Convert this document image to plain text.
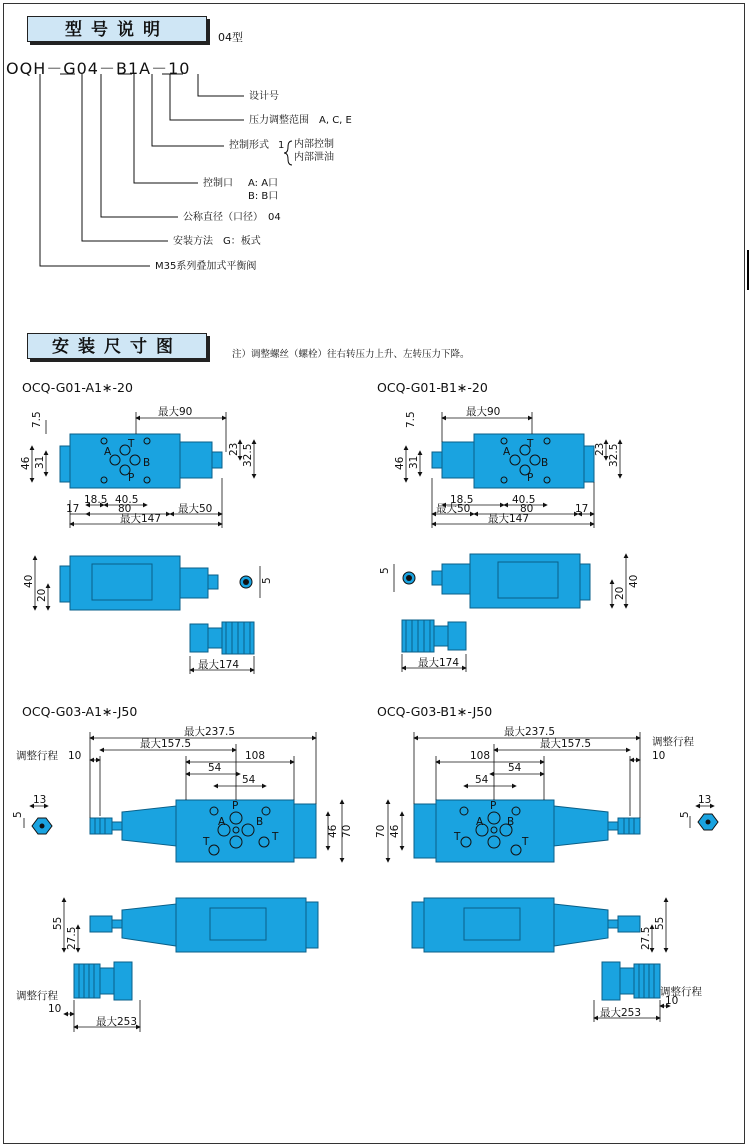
型号说明	04型
OQH－G04－B1A－10
设计号
压力调整范围　A, C, E
控制形式 1 内部控制
内部泄油
控制口 A: A口
B: B口
公称直径（口径）　04
安装方法　G：板式
M35系列叠加式平衡阀
安装尺寸图	注）调整螺丝（螺栓）往右转压力上升、左转压力下降。
OCQ-G01-A1∗-20	OCQ-G01-B1∗-20
OCQ-G03-A1∗-J50	OCQ-G03-B1∗-J50
A
B
T
P
最大90
7.5
46 31
23 32.5
18.5 40.5
80
17	最大50
最大147
40
20
5
最大174
A
B
T
P
最大90
7.5
46 31
23 32.5
18.5	40.5
最大50	80	17
最大147
5
40
20
最大174
P
A	B
T	T
最大237.5
最大157.5
108
54
54
10
13
5
46 70
调整行程
55
27.5
调整行程
10
最大253
P
A B
T	T
最大237.5
最大157.5
108
54
54
10
5
13
70 46
调整行程
55
27.5
调整行程
10
最大253
